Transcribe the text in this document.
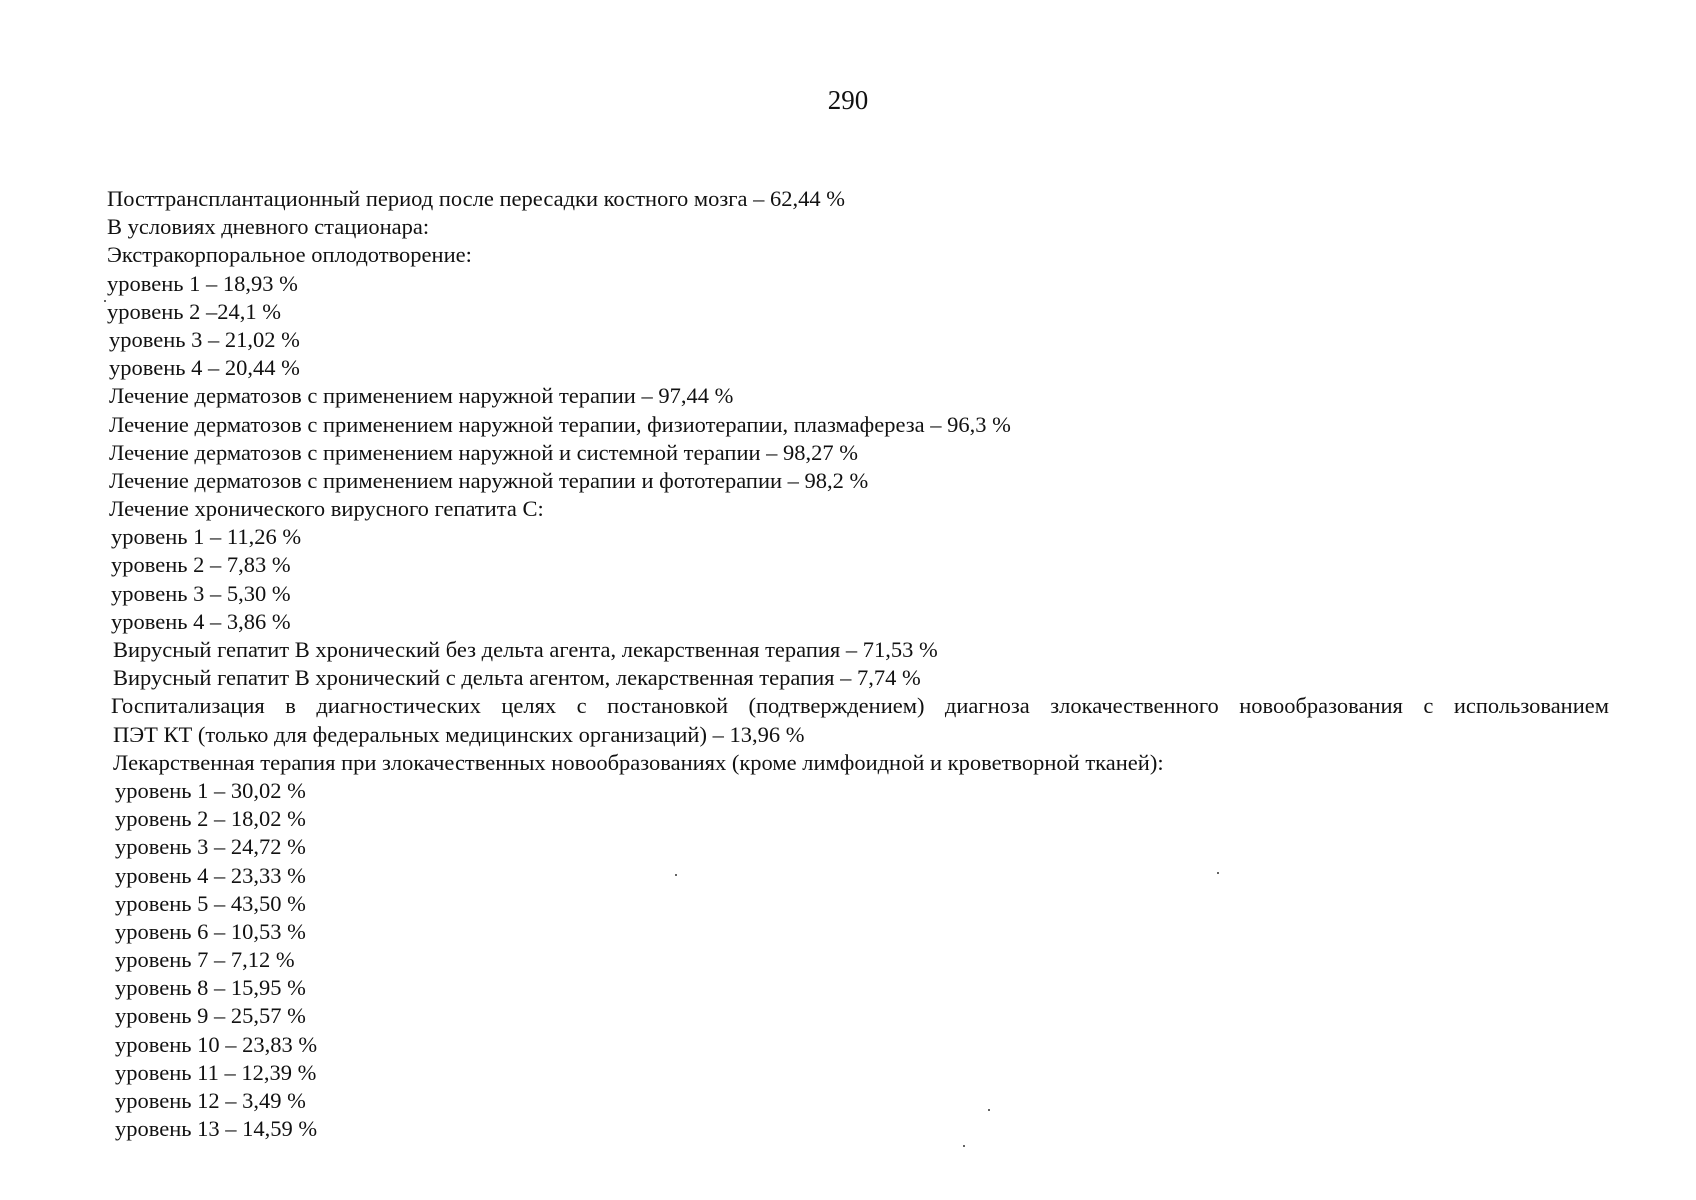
290
Посттрансплантационный период после пересадки костного мозга – 62,44 %
В условиях дневного стационара:
Экстракорпоральное оплодотворение:
уровень 1 – 18,93 %
уровень 2 –24,1 %
уровень 3 – 21,02 %
уровень 4 – 20,44 %
Лечение дерматозов с применением наружной терапии – 97,44 %
Лечение дерматозов с применением наружной терапии, физиотерапии, плазмафереза – 96,3 %
Лечение дерматозов с применением наружной и системной терапии – 98,27 %
Лечение дерматозов с применением наружной терапии и фототерапии – 98,2 %
Лечение хронического вирусного гепатита С:
уровень 1 – 11,26 %
уровень 2 – 7,83 %
уровень 3 – 5,30 %
уровень 4 – 3,86 %
Вирусный гепатит В хронический без дельта агента, лекарственная терапия – 71,53 %
Вирусный гепатит В хронический с дельта агентом, лекарственная терапия – 7,74 %
Госпитализация в диагностических целях с постановкой (подтверждением) диагноза злокачественного новообразования с использованием
ПЭТ КТ (только для федеральных медицинских организаций) – 13,96 %
Лекарственная терапия при злокачественных новообразованиях (кроме лимфоидной и кроветворной тканей):
уровень 1 – 30,02 %
уровень 2 – 18,02 %
уровень 3 – 24,72 %
уровень 4 – 23,33 %
уровень 5 – 43,50 %
уровень 6 – 10,53 %
уровень 7 – 7,12 %
уровень 8 – 15,95 %
уровень 9 – 25,57 %
уровень 10 – 23,83 %
уровень 11 – 12,39 %
уровень 12 – 3,49 %
уровень 13 – 14,59 %
